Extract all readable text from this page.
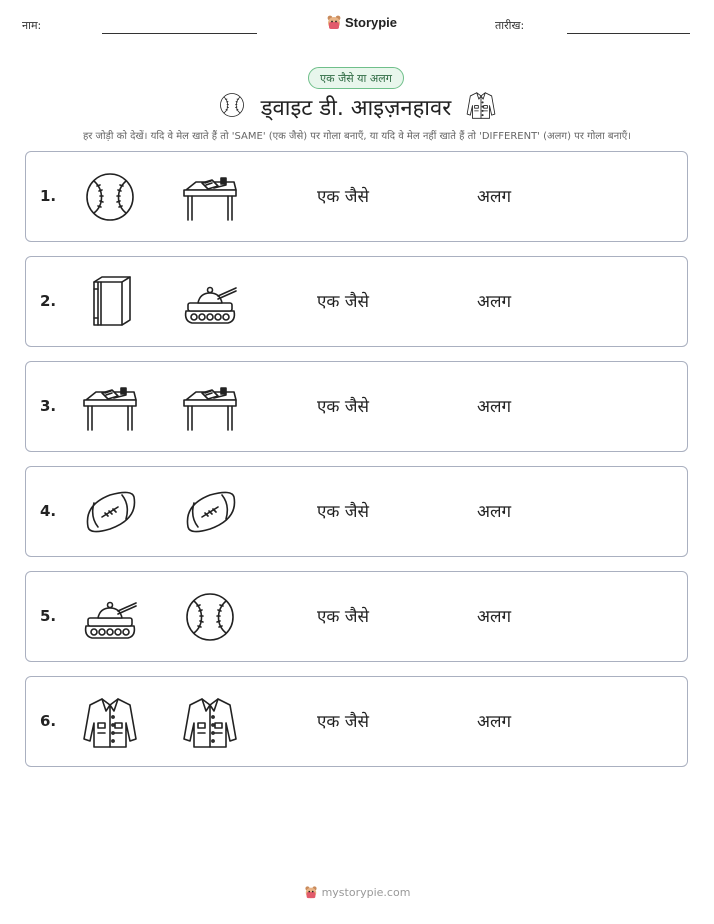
नाम:	Storypie	तारीख:
एक जैसे या अलग
ड्वाइट डी. आइज़नहावर
हर जोड़ी को देखें। यदि वे मेल खाते हैं तो 'SAME' (एक जैसे) पर गोला बनाएँ, या यदि वे मेल नहीं खाते हैं तो 'DIFFERENT' (अलग) पर गोला बनाएँ।
1.	एक जैसे	अलग
2.	एक जैसे	अलग
3.	एक जैसे	अलग
4.	एक जैसे	अलग
5.	एक जैसे	अलग
6.	एक जैसे	अलग
mystorypie.com
